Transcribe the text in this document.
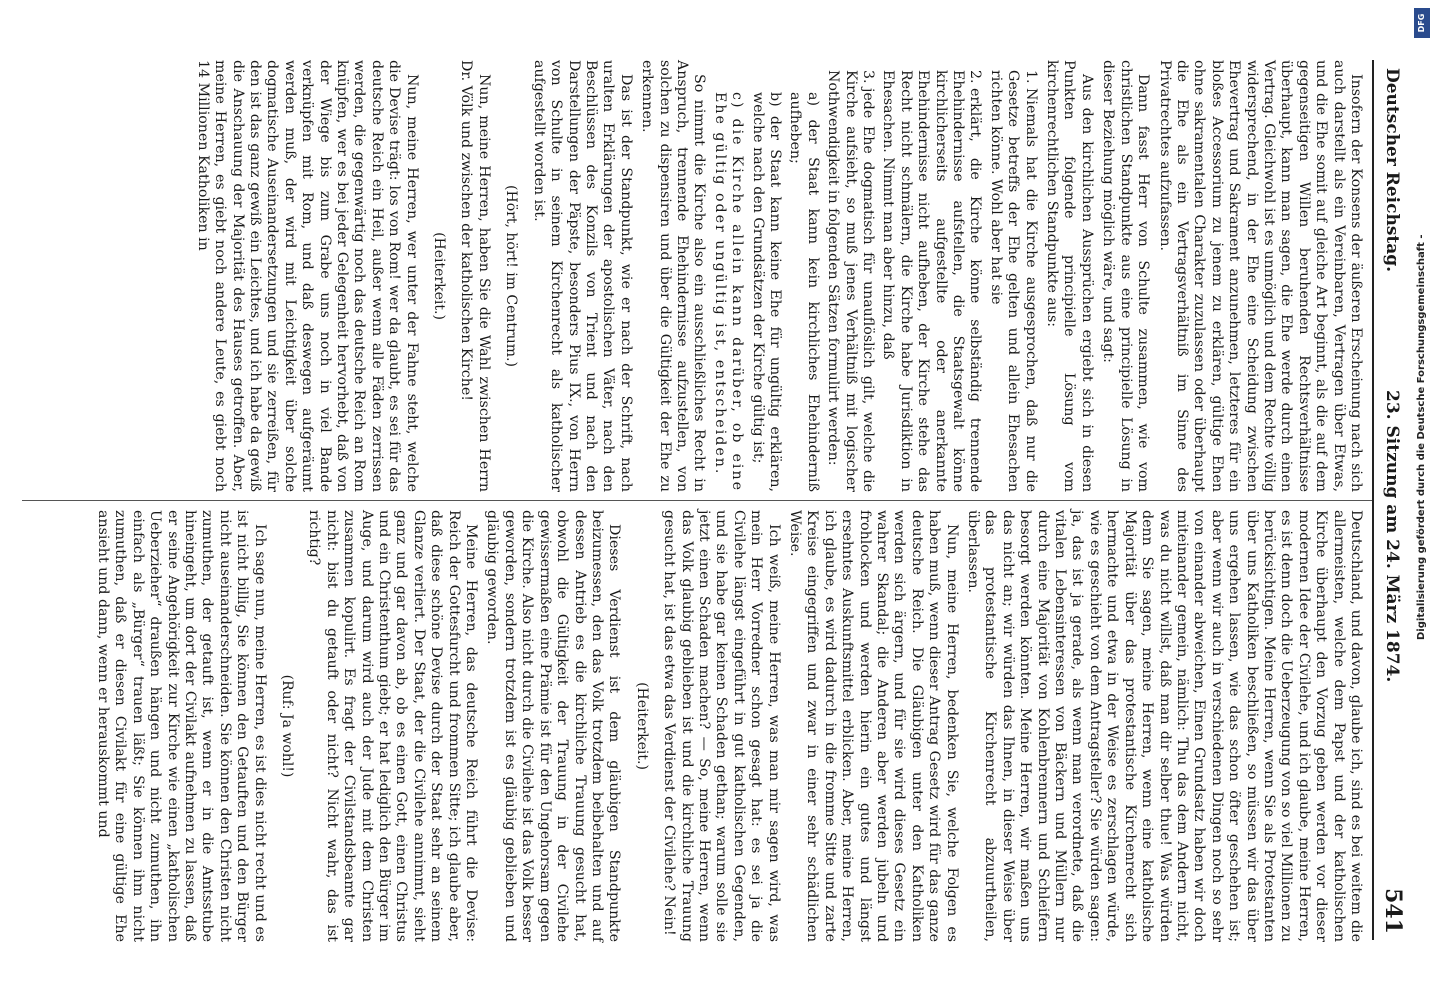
Deutscher Reichstag.
23. Sitzung am 24. März 1874.
541

Insofern der Konsens der äußeren Erscheinung nach sich auch darstellt als ein Vereinbaren, Vertragen über Etwas, und die Ehe somit auf gleiche Art beginnt, als die auf dem gegenseitigen Willen beruhenden Rechtsverhältnisse überhaupt, kann man sagen, die Ehe werde durch einen Vertrag. Gleichwohl ist es unmöglich und dem Rechte völlig widersprechend, in der Ehe eine Scheidung zwischen Ehevertrag und Sakrament anzunehmen, letzteres für ein bloßes Accessorium zu jenem zu erklären, gültige Ehen ohne sakramentalen Charakter zuzulassen oder überhaupt die Ehe als ein Vertragsverhältniß im Sinne des Privatrechtes aufzufassen.

Dann fasst Herr von Schulte zusammen, wie vom christlichen Standpunkte aus eine principielle Lösung in dieser Beziehung möglich wäre, und sagt:

Aus den kirchlichen Aussprüchen ergiebt sich in diesen Punkten folgende principielle Lösung vom kirchenrechtlichen Standpunkte aus:

1.Niemals hat die Kirche ausgesprochen, daß nur die Gesetze betreffs der Ehe gelten und allein Ehesachen richten könne. Wohl aber hat sie
2.erklärt, die Kirche könne selbständig trennende Ehehindernisse aufstellen, die Staatsgewalt könne kirchlicherseits aufgestellte oder anerkannte Ehehindernisse nicht aufheben, der Kirche stehe das Recht nicht schmälern, die Kirche habe Jurisdiktion in Ehesachen. Nimmt man aber hinzu, daß
3.jede Ehe dogmatisch für unauflöslich gilt, welche die Kirche aufsieht, so muß jenes Verhältniß mit logischer Nothwendigkeit in folgenden Sätzen formulirt werden:
a) der Staat kann kein kirchliches Ehehinderniß aufheben;
b) der Staat kann keine Ehe für ungültig erklären, welche nach den Grundsätzen der Kirche gültig ist;
c) die Kirche allein kann darüber, ob eine Ehe gültig oder ungültig ist, entscheiden.

So nimmt die Kirche also ein ausschließliches Recht in Anspruch, trennende Ehehindernisse aufzustellen, von solchen zu dispensiren und über die Gültigkeit der Ehe zu erkennen.

Das ist der Standpunkt, wie er nach der Schrift, nach uralten Erklärungen der apostolischen Väter, nach den Beschlüssen des Konzils von Trient und nach den Darstellungen der Päpste, besonders Pius IX., von Herrn von Schulte in seinem Kirchenrecht als katholischer aufgestellt worden ist.

(Hört, hört! im Centrum.)

Nun, meine Herren, haben Sie die Wahl zwischen Herrn Dr. Völk und zwischen der katholischen Kirche!

(Heiterkeit.)

Nun, meine Herren, wer unter der Fahne steht, welche die Devise trägt: los von Rom! wer da glaubt, es sei für das deutsche Reich ein Heil, außer wenn alle Fäden zerrissen werden, die gegenwärtig noch das deutsche Reich an Rom knüpfen, wer es bei jeder Gelegenheit hervorhebt, daß von der Wiege bis zum Grabe uns noch in viel Bande verknüpfen mit Rom, und daß deswegen aufgeräumt werden muß, der wird mit Leichtigkeit über solche dogmatische Auseinandersetzungen und sie zerreißen, für den ist das ganz gewiß ein Leichtes, und ich habe da gewiß die Anschauung der Majorität des Hauses getroffen. Aber, meine Herren, es giebt noch andere Leute, es giebt noch 14 Millionen Katholiken in

Deutschland, und davon, glaube ich, sind es bei weitem die allermeisten, welche dem Papst und der katholischen Kirche überhaupt den Vorzug geben werden vor dieser modernen Idee der Civilehe, und ich glaube, meine Herren, es ist denn doch die Ueberzeugung von so viel Millionen zu berücksichtigen. Meine Herren, wenn Sie als Protestanten über uns Katholiken beschließen, so müssen wir das über uns ergehen lassen, wie das schon öfter geschehen ist; aber wenn wir auch in verschiedenen Dingen noch so sehr von einander abweichen, Einen Grundsatz haben wir doch miteinander gemein, nämlich: Thu das dem Andern nicht, was du nicht willst, daß man dir selber thue! Was würden denn Sie sagen, meine Herren, wenn eine katholische Majorität über das protestantische Kirchenrecht sich hermachte und etwa in der Weise es zerschlagen würde, wie es geschieht von dem Antragsteller? Sie würden sagen: ja, das ist ja gerade, als wenn man verordnete, daß die vitalen Lebensinteressen von Bäckern und Müllern nur durch eine Majorität von Kohlenbrennern und Schleifern besorgt werden könnten. Meine Herren, wir maßen uns das nicht an; wir würden das Ihnen, in dieser Weise über das protestantische Kirchenrecht abzuurtheilen, überlassen.

Nun, meine Herren, bedenken Sie, welche Folgen es haben muß, wenn dieser Antrag Gesetz wird für das ganze deutsche Reich. Die Gläubigen unter den Katholiken werden sich ärgern, und für sie wird dieses Gesetz ein wahrer Skandal; die Anderen aber werden jubeln und frohlocken und werden hierin ein gutes und längst ersehntes Auskunftsmittel erblicken. Aber, meine Herren, ich glaube, es wird dadurch in die fromme Sitte und zarte Kreise eingegriffen und zwar in einer sehr schädlichen Weise.

Ich weiß, meine Herren, was man mir sagen wird, was mein Herr Vorredner schon gesagt hat: es sei ja die Civilehe längst eingeführt in gut katholischen Gegenden, und sie habe gar keinen Schaden gethan; warum solle sie jetzt einen Schaden machen? — So, meine Herren, wenn das Volk glaubig geblieben ist und die kirchliche Trauung gesucht hat, ist das etwa das Verdienst der Civilehe? Nein!

(Heiterkeit.)

Dieses Verdienst ist dem gläubigen Standpunkte beizumessen, den das Volk trotzdem beibehalten und auf dessen Antrieb es die kirchliche Trauung gesucht hat, obwohl die Gültigkeit der Trauung in der Civilehe gewissermaßen eine Prämie ist für den Ungehorsam gegen die Kirche. Also nicht durch die Civilehe ist das Volk besser geworden, sondern trotzdem ist es gläubig geblieben und gläubig geworden.

Meine Herren, das deutsche Reich führt die Devise: Reich der Gottesfurcht und frommen Sitte; ich glaube aber, daß diese schöne Devise durch der Staat sehr an seinem Glanze verliert. Der Staat, der die Civilehe annimmt, sieht ganz und gar davon ab, ob es einen Gott, einen Christus und ein Christenthum giebt; er hat lediglich den Bürger im Auge, und darum wird auch der Jude mit dem Christen zusammen kopulirt. Es fragt der Civilstandsbeamte gar nicht: bist du getauft oder nicht? Nicht wahr, das ist richtig?

(Ruf: Ja wohl!)

Ich sage nun, meine Herren, es ist dies nicht recht und es ist nicht billig, Sie können den Getauften und den Bürger nicht auseinanderschneiden. Sie können den Christen nicht zumuthen, der getauft ist, wenn er in die Amtsstube hineingeht, um dort der Civilakt aufnehmen zu lassen, daß er seine Angehörigkeit zur Kirche wie einen „katholischen Ueberzieher“ draußen hängen und nicht zumuthen, ihn einfach als „Bürger“ trauen läßt; Sie können ihm nicht zumuthen, daß er diesen Civilakt für eine gültige Ehe ansieht und dann, wenn er herauskommt und

Digitalisierung gefördert durch die Deutsche Forschungsgemeinschaft -
DFG
